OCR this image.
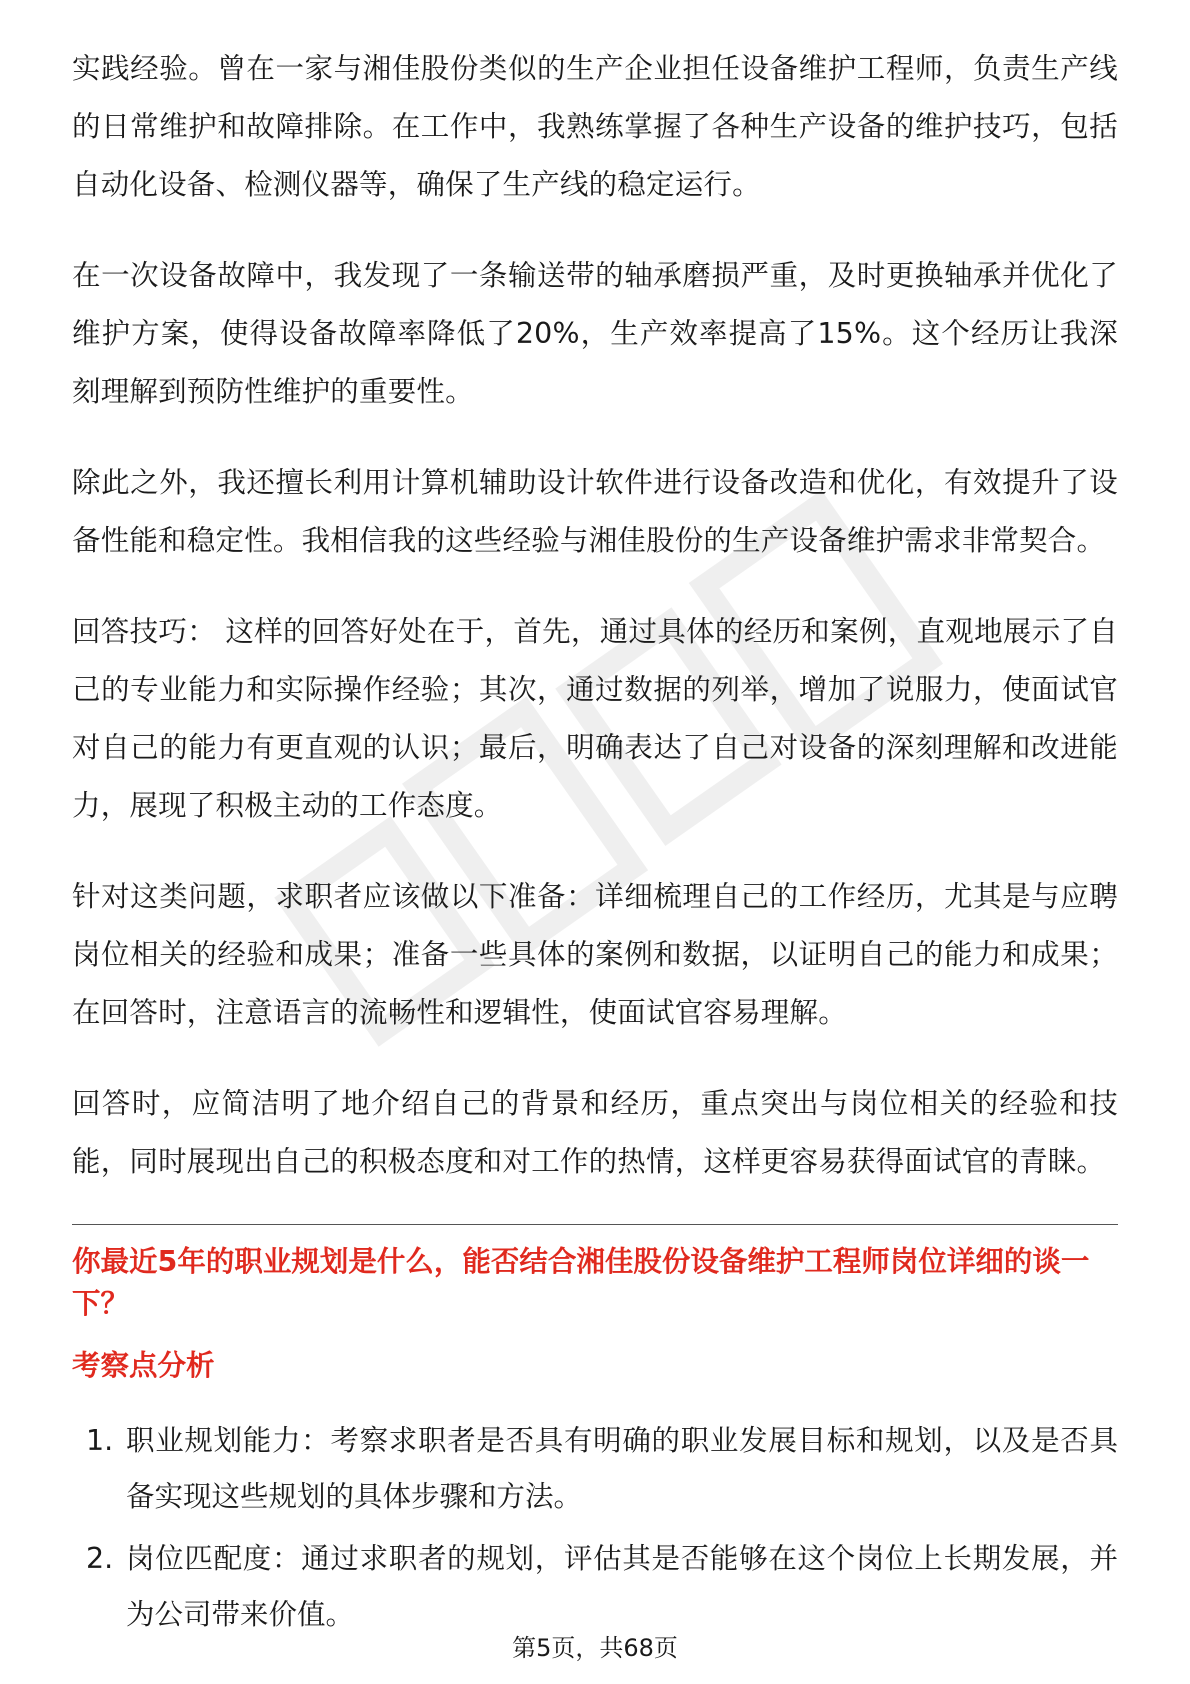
实践经验。曾在一家与湘佳股份类似的生产企业担任设备维护工程师，负责生产线的日常维护和故障排除。在工作中，我熟练掌握了各种生产设备的维护技巧，包括自动化设备、检测仪器等，确保了生产线的稳定运行。

在一次设备故障中，我发现了一条输送带的轴承磨损严重，及时更换轴承并优化了维护方案，使得设备故障率降低了20%，生产效率提高了15%。这个经历让我深刻理解到预防性维护的重要性。

除此之外，我还擅长利用计算机辅助设计软件进行设备改造和优化，有效提升了设备性能和稳定性。我相信我的这些经验与湘佳股份的生产设备维护需求非常契合。

回答技巧： 这样的回答好处在于，首先，通过具体的经历和案例，直观地展示了自己的专业能力和实际操作经验；其次，通过数据的列举，增加了说服力，使面试官对自己的能力有更直观的认识；最后，明确表达了自己对设备的深刻理解和改进能力，展现了积极主动的工作态度。

针对这类问题，求职者应该做以下准备：详细梳理自己的工作经历，尤其是与应聘岗位相关的经验和成果；准备一些具体的案例和数据，以证明自己的能力和成果；在回答时，注意语言的流畅性和逻辑性，使面试官容易理解。

回答时，应简洁明了地介绍自己的背景和经历，重点突出与岗位相关的经验和技能，同时展现出自己的积极态度和对工作的热情，这样更容易获得面试官的青睐。

你最近5年的职业规划是什么，能否结合湘佳股份设备维护工程师岗位详细的谈一下？
考察点分析
1. 职业规划能力：考察求职者是否具有明确的职业发展目标和规划，以及是否具备实现这些规划的具体步骤和方法。
2. 岗位匹配度：通过求职者的规划，评估其是否能够在这个岗位上长期发展，并为公司带来价值。
第5页，共68页
